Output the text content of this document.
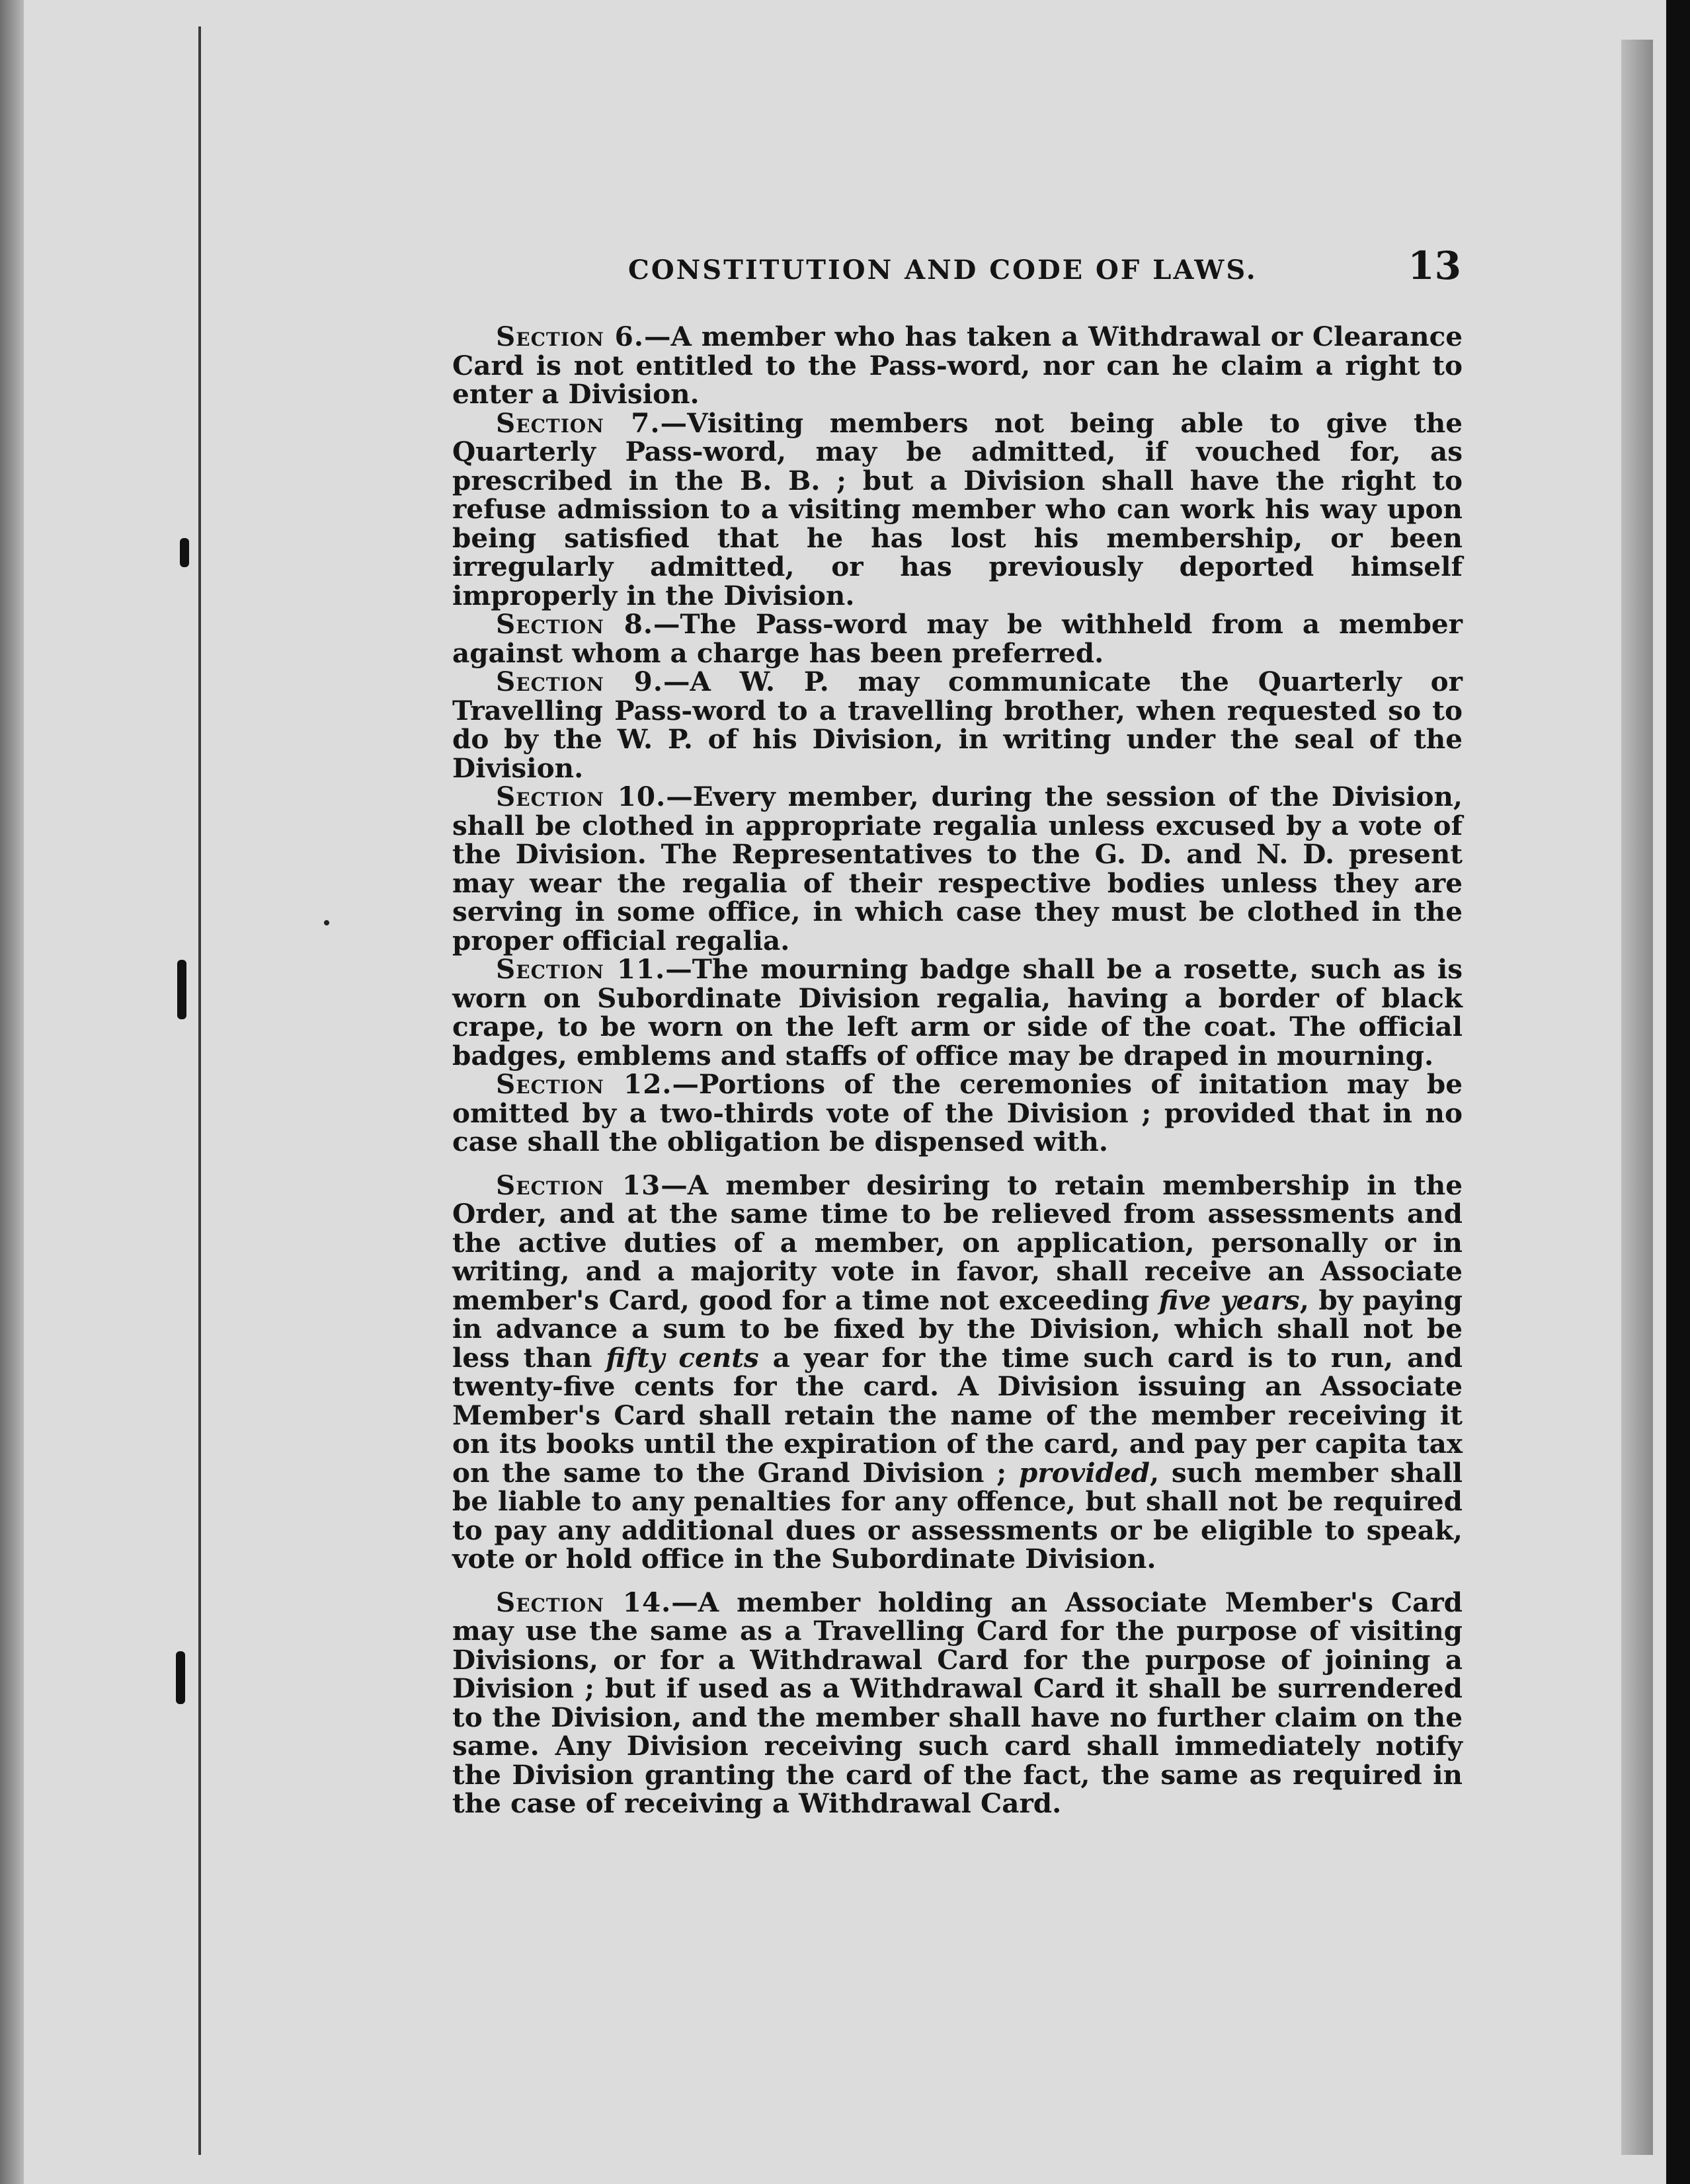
CONSTITUTION AND CODE OF LAWS.	13

Section 6.—A member who has taken a Withdrawal or Clearance Card is not entitled to the Pass-word, nor can he claim a right to enter a Division.

Section 7.—Visiting members not being able to give the Quarterly Pass-word, may be admitted, if vouched for, as prescribed in the B. B. ; but a Division shall have the right to refuse admission to a visiting member who can work his way upon being satisfied that he has lost his membership, or been irregularly admitted, or has previously deported himself improperly in the Division.

Section 8.—The Pass-word may be withheld from a member against whom a charge has been preferred.

Section 9.—A W. P. may communicate the Quarterly or Travelling Pass-word to a travelling brother, when requested so to do by the W. P. of his Division, in writing under the seal of the Division.

Section 10.—Every member, during the session of the Division, shall be clothed in appropriate regalia unless excused by a vote of the Division. The Representatives to the G. D. and N. D. present may wear the regalia of their respective bodies unless they are serving in some office, in which case they must be clothed in the proper official regalia.

Section 11.—The mourning badge shall be a rosette, such as is worn on Subordinate Division regalia, having a border of black crape, to be worn on the left arm or side of the coat. The official badges, emblems and staffs of office may be draped in mourning.

Section 12.—Portions of the ceremonies of initation may be omitted by a two-thirds vote of the Division ; provided that in no case shall the obligation be dispensed with.

Section 13—A member desiring to retain membership in the Order, and at the same time to be relieved from assessments and the active duties of a member, on application, personally or in writing, and a majority vote in favor, shall receive an Associate member's Card, good for a time not exceeding five years, by paying in advance a sum to be fixed by the Division, which shall not be less than fifty cents a year for the time such card is to run, and twenty-five cents for the card. A Division issuing an Associate Member's Card shall retain the name of the member receiving it on its books until the expiration of the card, and pay per capita tax on the same to the Grand Division ; provided, such member shall be liable to any penalties for any offence, but shall not be required to pay any additional dues or assessments or be eligible to speak, vote or hold office in the Subordinate Division.

Section 14.—A member holding an Associate Member's Card may use the same as a Travelling Card for the purpose of visiting Divisions, or for a Withdrawal Card for the purpose of joining a Division ; but if used as a Withdrawal Card it shall be surrendered to the Division, and the member shall have no further claim on the same. Any Division receiving such card shall immediately notify the Division granting the card of the fact, the same as required in the case of receiving a Withdrawal Card.
